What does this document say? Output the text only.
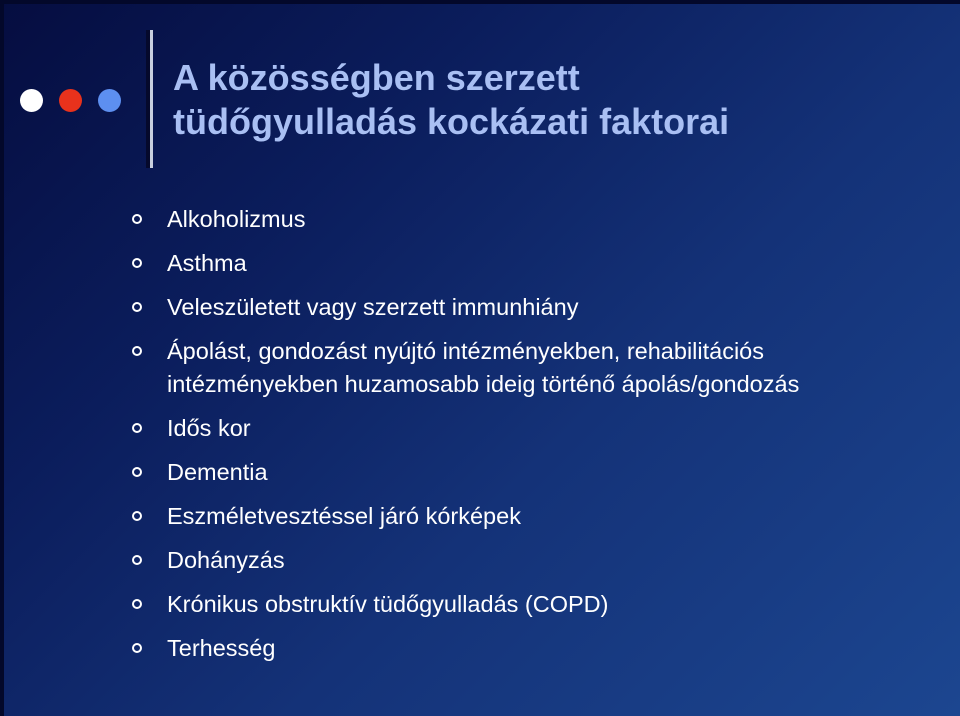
A közösségben szerzett
tüdőgyulladás kockázati faktorai
Alkoholizmus
Asthma
Veleszületett vagy szerzett immunhiány
Ápolást, gondozást nyújtó intézményekben, rehabilitációs intézményekben huzamosabb ideig történő ápolás/gondozás
Idős kor
Dementia
Eszméletvesztéssel járó kórképek
Dohányzás
Krónikus obstruktív tüdőgyulladás (COPD)
Terhesség
